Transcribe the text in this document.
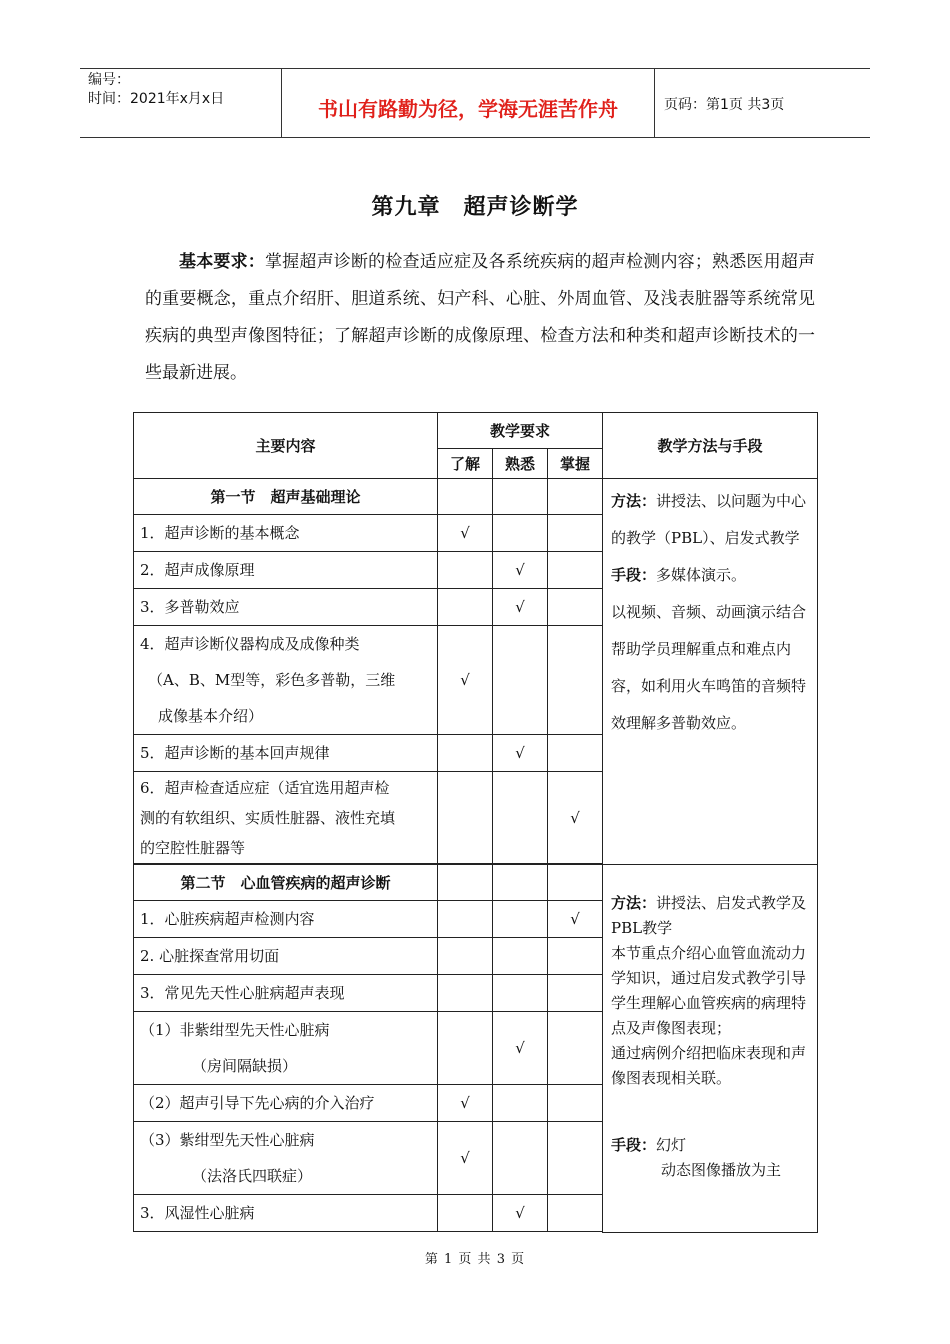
编号：
时间：2021年x月x日	书山有路勤为径，学海无涯苦作舟	页码：第1页 共3页
第九章　超声诊断学
基本要求：掌握超声诊断的检查适应症及各系统疾病的超声检测内容；熟悉医用超声的重要概念，重点介绍肝、胆道系统、妇产科、心脏、外周血管、及浅表脏器等系统常见疾病的典型声像图特征；了解超声诊断的成像原理、检查方法和种类和超声诊断技术的一些最新进展。
主要内容	教学要求			教学方法与手段
	了解	熟悉	掌握	
第一节　超声基础理论				方法：讲授法、以问题为中心的教学（PBL）、启发式教学
手段：多媒体演示。
以视频、音频、动画演示结合帮助学员理解重点和难点内容，如利用火车鸣笛的音频特效理解多普勒效应。
1．超声诊断的基本概念	√			
2．超声成像原理		√		
3．多普勒效应		√		

4．超声诊断仪器构成及成像种类
（A、B、M型等，彩色多普勒，三维
成像基本介绍）	√			
5．超声诊断的基本回声规律		√		

6．超声检查适应症（适宜选用超声检
测的有软组织、实质性脏器、液性充填
的空腔性脏器等			√	

第二节　心血管疾病的超声诊断				方法：讲授法、启发式教学及PBL教学
本节重点介绍心血管血流动力学知识，通过启发式教学引导学生理解心血管疾病的病理特点及声像图表现；
通过病例介绍把临床表现和声像图表现相关联。
手段：幻灯
动态图像播放为主
1．心脏疾病超声检测内容			√	
2. 心脏探查常用切面				
3．常见先天性心脏病超声表现				

（1）非紫绀型先天性心脏病
（房间隔缺损）		√		
（2）超声引导下先心病的介入治疗	√			

（3）紫绀型先天性心脏病
（法洛氏四联症）	√			
3．风湿性心脏病		√		

第 1 页 共 3 页
